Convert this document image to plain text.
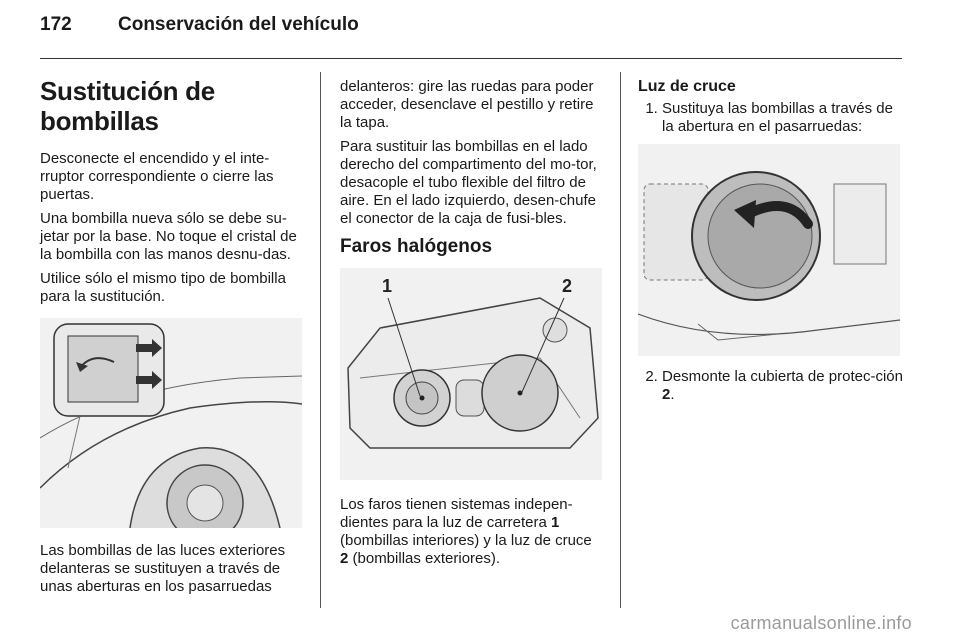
172 Conservación del vehículo
Sustitución de bombillas

Desconecte el encendido y el inte-rruptor correspondiente o cierre las puertas.

Una bombilla nueva sólo se debe su-jetar por la base. No toque el cristal de la bombilla con las manos desnu-das.

Utilice sólo el mismo tipo de bombilla para la sustitución.

Las bombillas de las luces exteriores delanteras se sustituyen a través de unas aberturas en los pasarruedas

delanteros: gire las ruedas para poder acceder, desenclave el pestillo y retire la tapa.

Para sustituir las bombillas en el lado derecho del compartimento del mo-tor, desacople el tubo flexible del filtro de aire. En el lado izquierdo, desen-chufe el conector de la caja de fusi-bles.

Faros halógenos
1	2

Los faros tienen sistemas indepen-dientes para la luz de carretera 1 (bombillas interiores) y la luz de cruce 2 (bombillas exteriores).

Luz de cruce
1. Sustituya las bombillas a través de la abertura en el pasarruedas:
2. Desmonte la cubierta de protec-ción 2.
carmanualsonline.info
